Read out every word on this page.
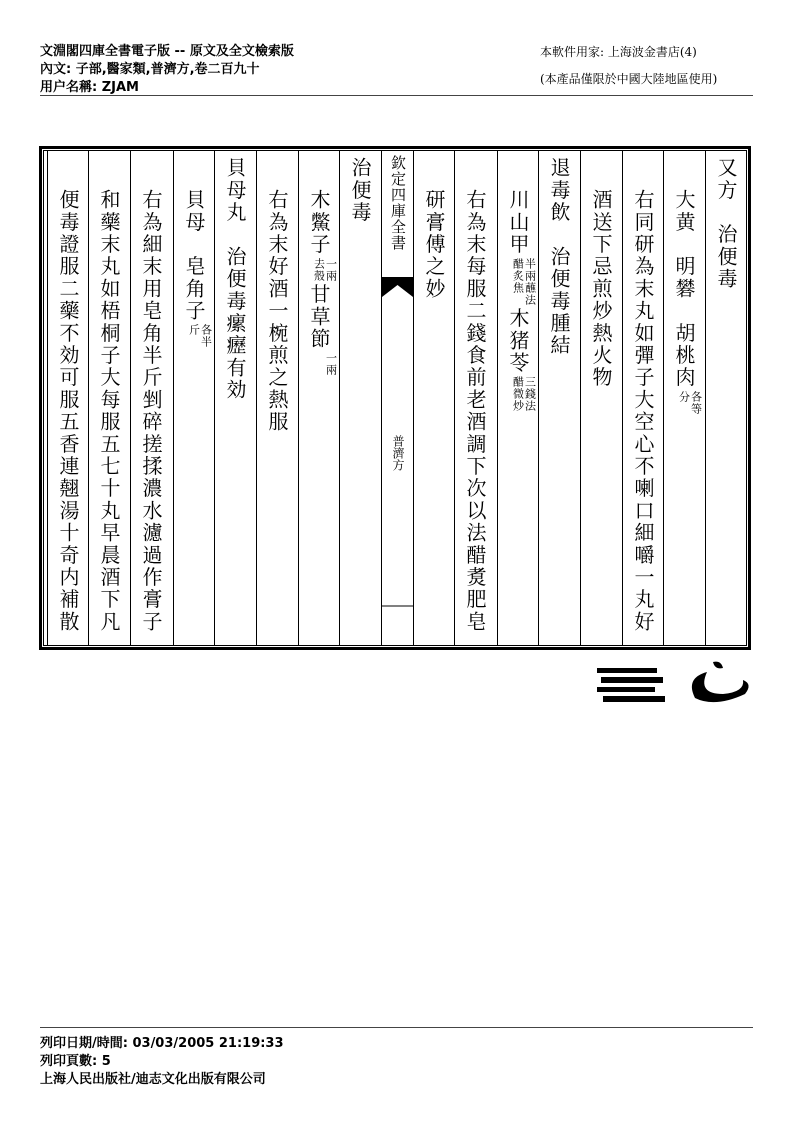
文淵閣四庫全書電子版 -- 原文及全文檢索版
內文: 子部,醫家類,普濟方,卷二百九十
用户名稱: ZJAM
本軟件用家: 上海波金書店(4)
(本產品僅限於中國大陸地區使用)
又方　治便毒
大黄　明礬　胡桃肉
各等
分
右同研為末丸如彈子大空心不喇口細嚼一丸好
酒送下忌煎炒熱火物
退毒飲　治便毒腫結
川山甲
半兩蘸法
醋炙焦
木猪苓
三錢法
醋微炒
右為末每服二錢食前老酒調下次以法醋煑肥皂
研膏傅之妙
治便毒
木鱉子
一兩
去殼
甘草節
一兩

右為末好酒一椀煎之熱服
貝母丸　治便毒瘰癧有効
貝母　皂角子
各半
斤
右為細末用皂角半斤剉碎搓揉濃水濾過作膏子
和藥末丸如梧桐子大每服五七十丸早晨酒下凡
便毒證服二藥不効可服五香連翹湯十奇内補散	欽定四庫全書
普濟方
列印日期/時間: 03/03/2005 21:19:33
列印頁數: 5
上海人民出版社/迪志文化出版有限公司
